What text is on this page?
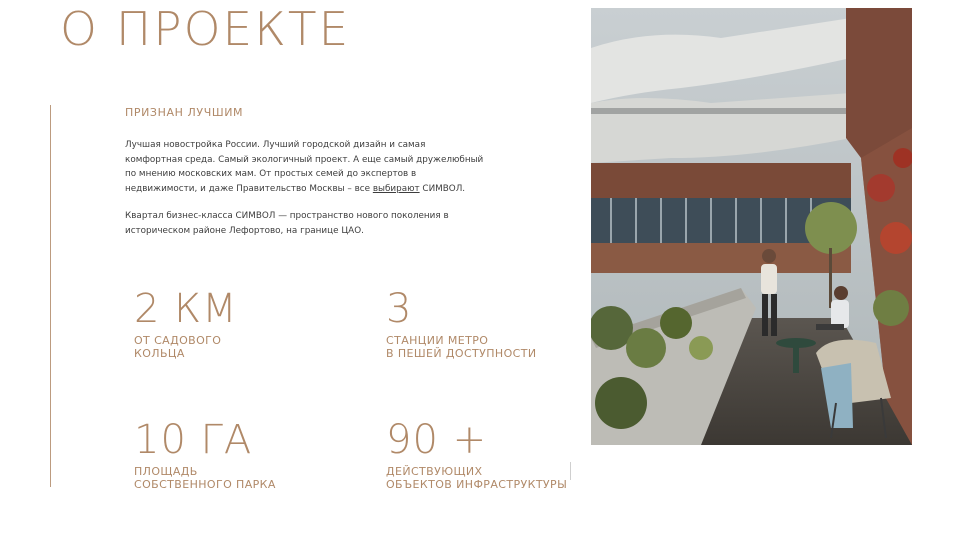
О ПРОЕКТЕ
ПРИЗНАН ЛУЧШИМ

Лучшая новостройка России. Лучший городской дизайн и самая комфортная среда. Самый экологичный проект. А еще самый дружелюбный по мнению московских мам. От простых семей до экспертов в недвижимости, и даже Правительство Москвы – все выбирают СИМВОЛ.

Квартал бизнес-класса СИМВОЛ — пространство нового поколения в историческом районе Лефортово, на границе ЦАО.

2 КМ
ОТ САДОВОГО
КОЛЬЦА
3
СТАНЦИИ МЕТРО
В ПЕШЕЙ ДОСТУПНОСТИ
10 ГА
ПЛОЩАДЬ
СОБСТВЕННОГО ПАРКА
90 +
ДЕЙСТВУЮЩИХ
ОБЪЕКТОВ ИНФРАСТРУКТУРЫ
